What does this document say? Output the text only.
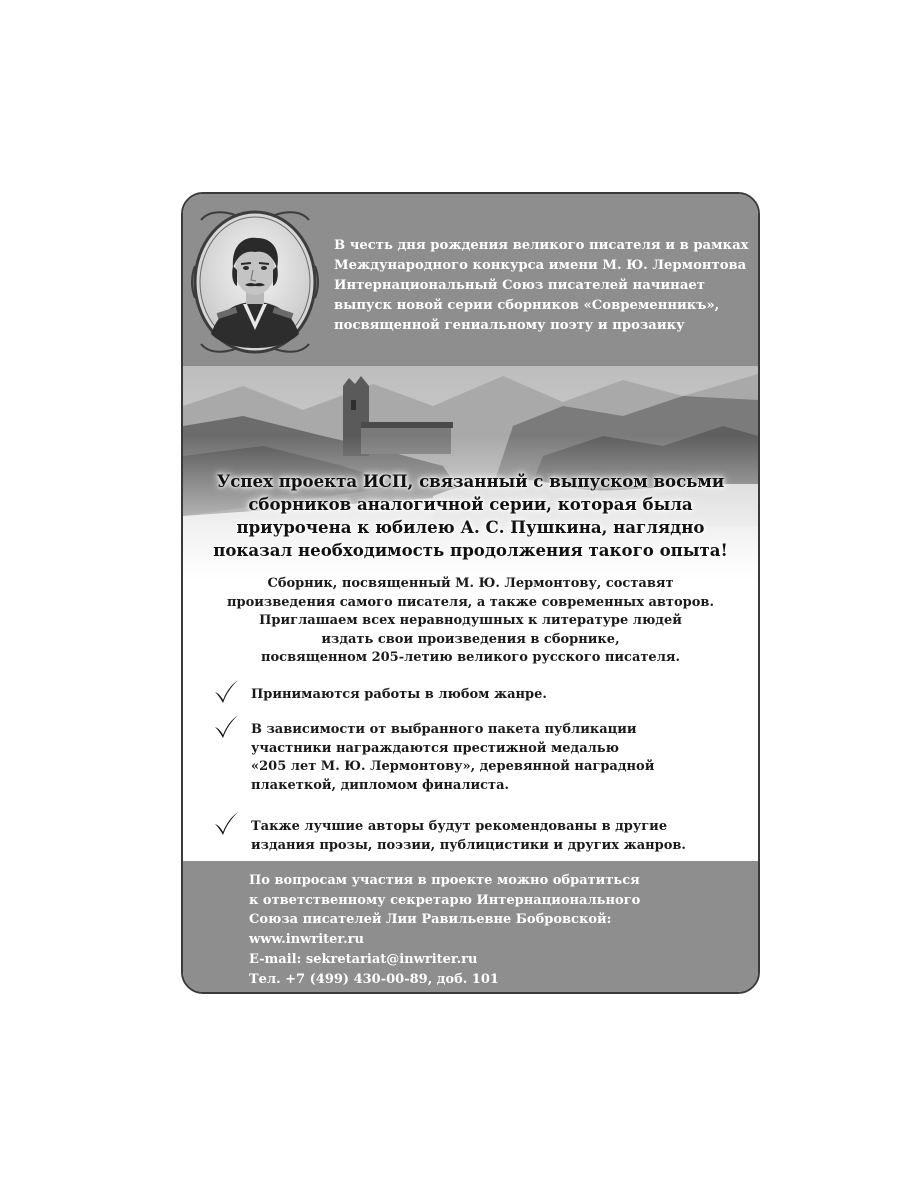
В честь дня рождения великого писателя и в рамках
Международного конкурса имени М. Ю. Лермонтова
Интернациональный Союз писателей начинает
выпуск новой серии сборников «Современникъ»,
посвященной гениальному поэту и прозаику
Успех проекта ИСП, связанный с выпуском восьми
сборников аналогичной серии, которая была
приурочена к юбилею А. С. Пушкина, наглядно
показал необходимость продолжения такого опыта!
Сборник, посвященный М. Ю. Лермонтову, составят
произведения самого писателя, а также современных авторов.
Приглашаем всех неравнодушных к литературе людей
издать свои произведения в сборнике,
посвященном 205-летию великого русского писателя.
Принимаются работы в любом жанре.
В зависимости от выбранного пакета публикации
участники награждаются престижной медалью
«205 лет М. Ю. Лермонтову», деревянной наградной
плакеткой, дипломом финалиста.
Также лучшие авторы будут рекомендованы в другие
издания прозы, поэзии, публицистики и других жанров.
По вопросам участия в проекте можно обратиться
к ответственному секретарю Интернационального
Союза писателей Лии Равильевне Бобровской:
www.inwriter.ru
E-mail: sekretariat@inwriter.ru
Тел. +7 (499) 430-00-89, доб. 101
